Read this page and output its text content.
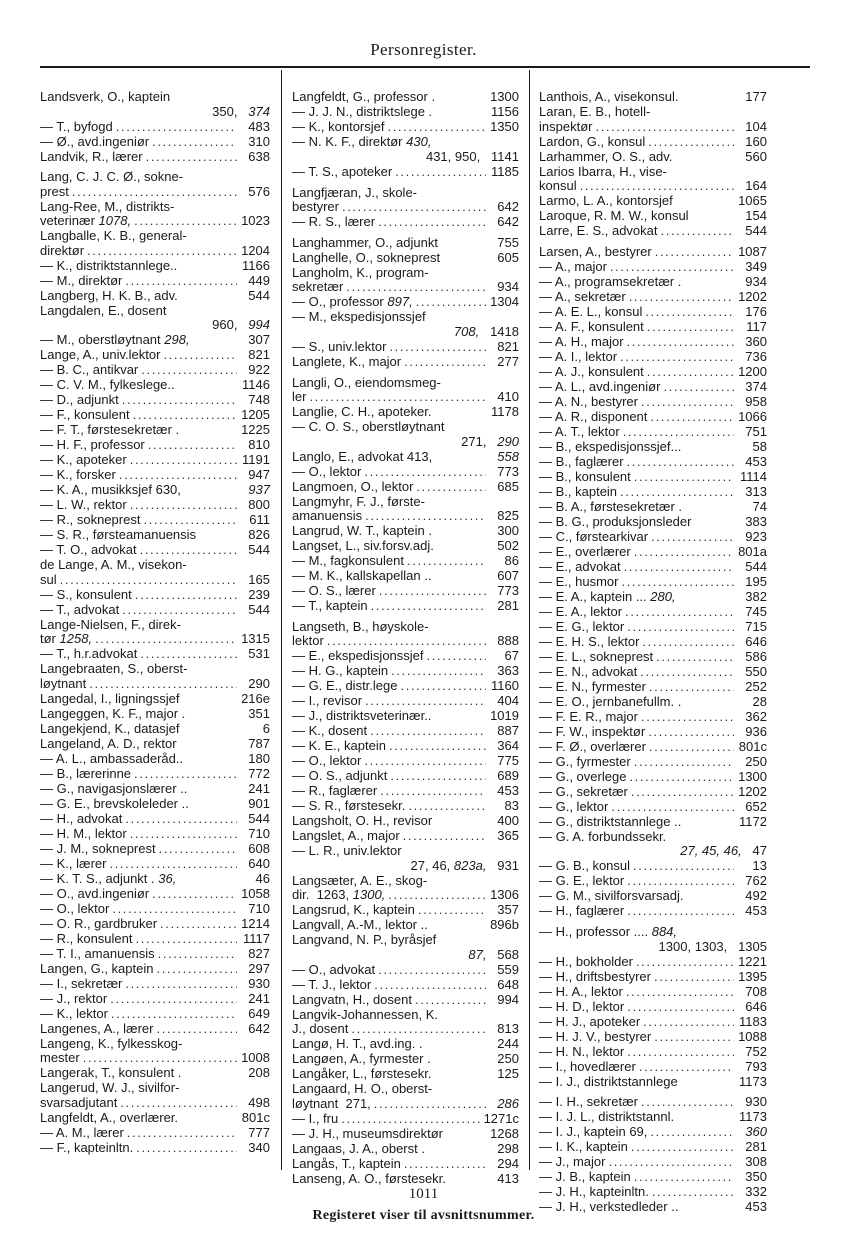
Personregister.
Landsverk, O., kaptein
350,   374
— T., byfogd . . .	483
— Ø., avd.ingeniør . . .	310
Landvik, R., lærer . . .	638
Lang, C. J. C. Ø., sokne-
prest . . .	576
Lang-Ree, M., distrikts-
veterinær 1078, . . .	1023
Langballe, K. B., general-
direktør . . .	1204
— K., distriktstannlege..	1166
— M., direktør . . .	449
Langberg, H. K. B., adv.	544
Langdalen, E., dosent
960,   994
— M., oberstløytnant 298,	307
Lange, A., univ.lektor . . .	821
— B. C., antikvar . . .	922
— C. V. M., fylkeslege..	1146
— D., adjunkt . . .	748
— F., konsulent . . .	1205
— F. T., førstesekretær .	1225
— H. F., professor . . .	810
— K., apoteker . . .	1191
— K., forsker . . .	947
— K. A., musikksjef 630,	937
— L. W., rektor . . .	800
— R., sokneprest . . .	611
— S. R., førsteamanuensis	826
— T. O., advokat . . .	544
de Lange, A. M., visekon-
sul . . .	165
— S., konsulent . . .	239
— T., advokat . . .	544
Lange-Nielsen, F., direk-
tør 1258, . . .	1315
— T., h.r.advokat . . .	531
Langebraaten, S., oberst-
løytnant . . .	290
Langedal, I., ligningssjef	216e
Langeggen, K. F., major .	351
Langekjend, K., datasjef	6
Langeland, A. D., rektor	787
— A. L., ambassaderåd..	180
— B., lærerinne . . .	772
— G., navigasjonslærer ..	241
— G. E., brevskoleleder ..	901
— H., advokat . . .	544
— H. M., lektor . . .	710
— J. M., sokneprest . . .	608
— K., lærer . . .	640
— K. T. S., adjunkt . 36,	46
— O., avd.ingeniør . . .	1058
— O., lektor . . .	710
— O. R., gardbruker . . .	1214
— R., konsulent . . .	1117
— T. I., amanuensis . . .	827
Langen, G., kaptein . . .	297
— I., sekretær . . .	930
— J., rektor . . .	241
— K., lektor . . .	649
Langenes, A., lærer . . .	642
Langeng, K., fylkesskog-
mester . . .	1008
Langerak, T., konsulent .	208
Langerud, W. J., sivilfor-
svarsadjutant . . .	498
Langfeldt, A., overlærer.	801c
— A. M., lærer . . .	777
— F., kapteinltn. . . .	340
Langfeldt, G., professor .	1300
— J. J. N., distriktslege .	1156
— K., kontorsjef . . .	1350
— N. K. F., direktør 430,
431, 950,   1141
— T. S., apoteker . . .	1185
Langfjæran, J., skole-
bestyrer . . .	642
— R. S., lærer . . .	642
Langhammer, O., adjunkt	755
Langhelle, O., sokneprest	605
Langholm, K., program-
sekretær . . .	934
— O., professor 897, . . .	1304
— M., ekspedisjonssjef
708,   1418
— S., univ.lektor . . .	821
Langlete, K., major . . .	277
Langli, O., eiendomsmeg-
ler . . .	410
Langlie, C. H., apoteker.	1178
— C. O. S., oberstløytnant
271,   290
Langlo, E., advokat 413,	558
— O., lektor . . .	773
Langmoen, O., lektor . . .	685
Langmyhr, F. J., første-
amanuensis . . .	825
Langrud, W. T., kaptein .	300
Langset, L., siv.forsv.adj.	502
— M., fagkonsulent . . .	86
— M. K., kallskapellan ..	607
— O. S., lærer . . .	773
— T., kaptein . . .	281
Langseth, B., høyskole-
lektor . . .	888
— E., ekspedisjonssjef . . .	67
— H. G., kaptein . . .	363
— G. E., distr.lege . . .	1160
— I., revisor . . .	404
— J., distriktsveterinær..	1019
— K., dosent . . .	887
— K. E., kaptein . . .	364
— O., lektor . . .	775
— O. S., adjunkt . . .	689
— R., faglærer . . .	453
— S. R., førstesekr. . . .	83
Langsholt, O. H., revisor	400
Langslet, A., major . . .	365
— L. R., univ.lektor
27, 46, 823a,   931
Langsæter, A. E., skog-
dir. 1263, 1300, . . .	1306
Langsrud, K., kaptein . . .	357
Langvall, A.-M., lektor ..	896b
Langvand, N. P., byråsjef
87,   568
— O., advokat . . .	559
— T. J., lektor . . .	648
Langvatn, H., dosent . . .	994
Langvik-Johannessen, K.
J., dosent . . .	813
Langø, H. T., avd.ing. .	244
Langøen, A., fyrmester .	250
Langåker, L., førstesekr.	125
Langaard, H. O., oberst-
løytnant 271, . . .	286
— I., fru . . .	1271c
— J. H., museumsdirektør	1268
Langaas, J. A., oberst .	298
Langås, T., kaptein . . .	294
Lanseng, A. O., førstesekr.	413
Lanthois, A., visekonsul.	177
Laran, E. B., hotell-
inspektør . . .	104
Lardon, G., konsul . . .	160
Larhammer, O. S., adv.	560
Larios Ibarra, H., vise-
konsul . . .	164
Larmo, L. A., kontorsjef	1065
Laroque, R. M. W., konsul	154
Larre, E. S., advokat . . .	544
Larsen, A., bestyrer . . .	1087
— A., major . . .	349
— A., programsekretær .	934
— A., sekretær . . .	1202
— A. E. L., konsul . . .	176
— A. F., konsulent . . .	117
— A. H., major . . .	360
— A. I., lektor . . .	736
— A. J., konsulent . . .	1200
— A. L., avd.ingeniør . . .	374
— A. N., bestyrer . . .	958
— A. R., disponent . . .	1066
— A. T., lektor . . .	751
— B., ekspedisjonssjef...	58
— B., faglærer . . .	453
— B., konsulent . . .	1114
— B., kaptein . . .	313
— B. A., førstesekretær .	74
— B. G., produksjonsleder	383
— C., førstearkivar . . .	923
— E., overlærer . . .	801a
— E., advokat . . .	544
— E., husmor . . .	195
— E. A., kaptein ... 280,	382
— E. A., lektor . . .	745
— E. G., lektor . . .	715
— E. H. S., lektor . . .	646
— E. L., sokneprest . . .	586
— E. N., advokat . . .	550
— E. N., fyrmester . . .	252
— E. O., jernbanefullm. .	28
— F. E. R., major . . .	362
— F. W., inspektør . . .	936
— F. Ø., overlærer . . .	801c
— G., fyrmester . . .	250
— G., overlege . . .	1300
— G., sekretær . . .	1202
— G., lektor . . .	652
— G., distriktstannlege ..	1172
— G. A. forbundssekr.
27, 45, 46,   47
— G. B., konsul . . .	13
— G. E., lektor . . .	762
— G. M., sivilforsvarsadj.	492
— H., faglærer . . .	453
— H., professor .... 884,
1300, 1303,   1305
— H., bokholder . . .	1221
— H., driftsbestyrer . . .	1395
— H. A., lektor . . .	708
— H. D., lektor . . .	646
— H. J., apoteker . . .	1183
— H. J. V., bestyrer . . .	1088
— H. N., lektor . . .	752
— I., hovedlærer . . .	793
— I. J., distriktstannlege	1173
— I. H., sekretær . . .	930
— I. J. L., distriktstannl.	1173
— I. J., kaptein 69, . . .	360
— I. K., kaptein . . .	281
— J., major . . .	308
— J. B., kaptein . . .	350
— J. H., kapteinltn. . . .	332
— J. H., verkstedleder ..	453
1011
Registeret viser til avsnittsnummer.
